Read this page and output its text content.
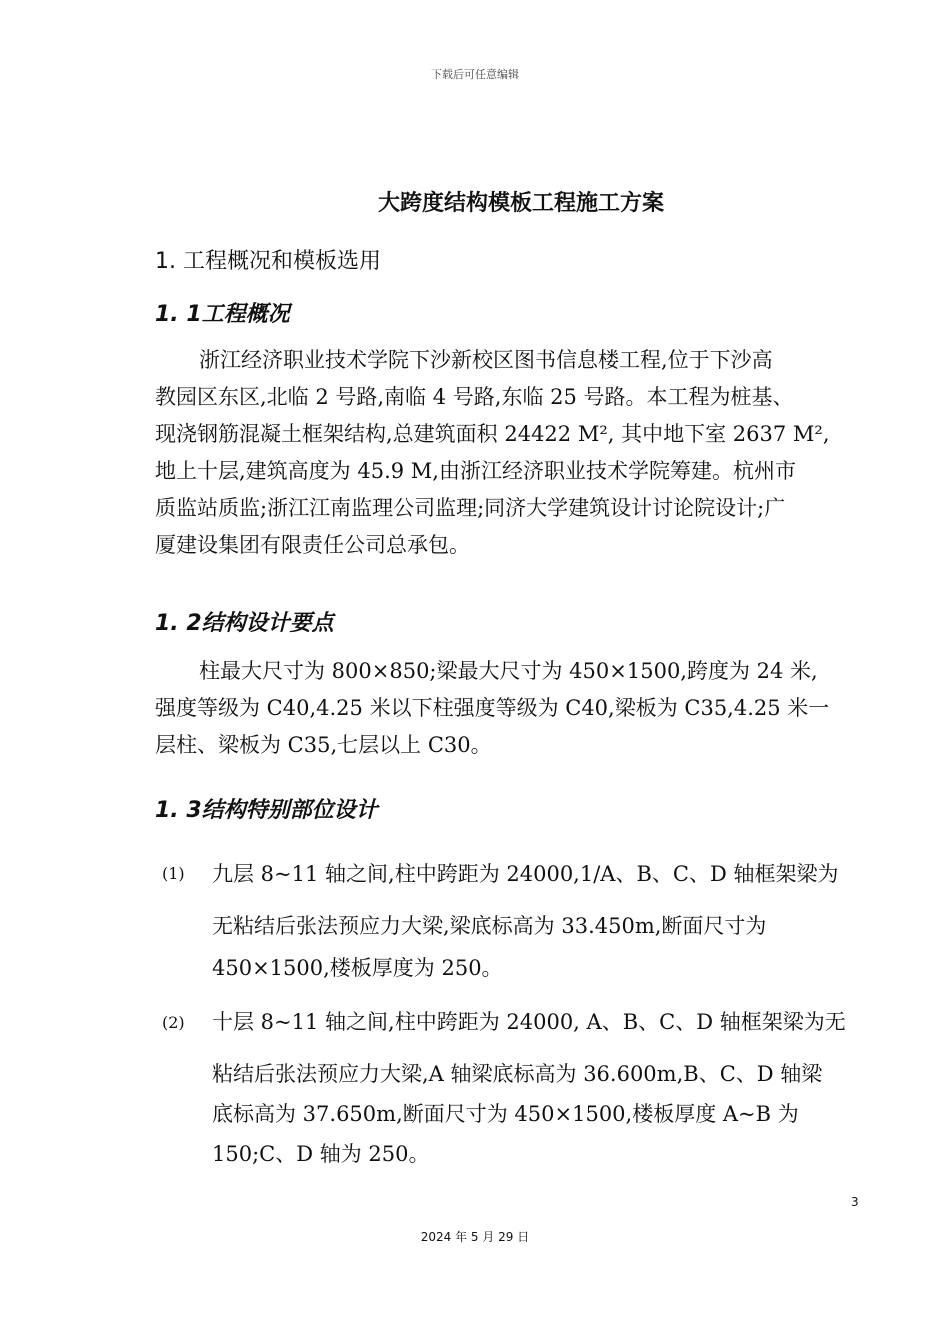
下载后可任意编辑
大跨度结构模板工程施工方案
1. 工程概况和模板选用
1. 1工程概况
浙江经济职业技术学院下沙新校区图书信息楼工程,位于下沙高
教园区东区,北临 2 号路,南临 4 号路,东临 25 号路。本工程为桩基、
现浇钢筋混凝土框架结构,总建筑面积 24422 M², 其中地下室 2637 M²,
地上十层,建筑高度为 45.9 M,由浙江经济职业技术学院筹建。杭州市
质监站质监;浙江江南监理公司监理;同济大学建筑设计讨论院设计;广
厦建设集团有限责任公司总承包。
1. 2结构设计要点
柱最大尺寸为 800×850;梁最大尺寸为 450×1500,跨度为 24 米,
强度等级为 C40,4.25 米以下柱强度等级为 C40,梁板为 C35,4.25 米一
层柱、梁板为 C35,七层以上 C30。
1. 3结构特别部位设计
(1) 九层 8~11 轴之间,柱中跨距为 24000,1/A、B、C、D 轴框架梁为
无粘结后张法预应力大梁,梁底标高为 33.450m,断面尺寸为
450×1500,楼板厚度为 250。
(2) 十层 8~11 轴之间,柱中跨距为 24000, A、B、C、D 轴框架梁为无
粘结后张法预应力大梁,A 轴梁底标高为 36.600m,B、C、D 轴梁
底标高为 37.650m,断面尺寸为 450×1500,楼板厚度 A~B 为
150;C、D 轴为 250。
3
2024 年 5 月 29 日
